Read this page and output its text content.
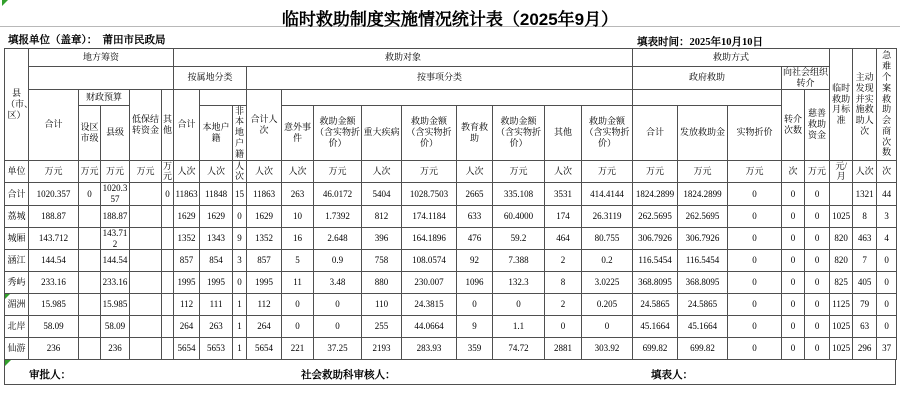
临时救助制度实施情况统计表（2025年9月）
填报单位（盖章）： 莆田市民政局	填表时间：2025年10月10日
县（市、区）	地方筹资					救助对象												救助方式					临时救助月标准	主动发现并实施救助人次	急难个案救助会商次数
						按属地分类			按事项分类									政府救助			向社会组织转介				
	合计	财政预算		低保结转资金	其他	合计			合计人次												转介次数	慈善救助资金			
		设区市级	县级				本地户籍	非本地户籍		意外事件	救助金额（含实物折价）	重大疾病	救助金额（含实物折价）	教育救助	救助金额（含实物折价）	其他	救助金额（含实物折价）	合计	发放救助金	实物折价					
单位	万元	万元	万元	万元	万元	人次	人次	人次	人次	人次	万元	人次	万元	人次	万元	人次	万元	万元	万元	万元	次	万元	元/月	人次	次
合计	1020.357	0	1020.357		0	11863	11848	15	11863	263	46.0172	5404	1028.7503	2665	335.108	3531	414.4144	1824.2899	1824.2899	0	0	0		1321	44
荔城	188.87		188.87			1629	1629	0	1629	10	1.7392	812	174.1184	633	60.4000	174	26.3119	262.5695	262.5695	0	0	0	1025	8	3
城厢	143.712		143.712			1352	1343	9	1352	16	2.648	396	164.1896	476	59.2	464	80.755	306.7926	306.7926	0	0	0	820	463	4
涵江	144.54		144.54			857	854	3	857	5	0.9	758	108.0574	92	7.388	2	0.2	116.5454	116.5454	0	0	0	820	7	0
秀屿	233.16		233.16			1995	1995	0	1995	11	3.48	880	230.007	1096	132.3	8	3.0225	368.8095	368.8095	0	0	0	825	405	0
湄洲	15.985		15.985			112	111	1	112	0	0	110	24.3815	0	0	2	0.205	24.5865	24.5865	0	0	0	1125	79	0
北岸	58.09		58.09			264	263	1	264	0	0	255	44.0664	9	1.1	0	0	45.1664	45.1664	0	0	0	1025	63	0
仙游	236		236			5654	5653	1	5654	221	37.25	2193	283.93	359	74.72	2881	303.92	699.82	699.82	0	0	0	1025	296	37
审批人：	社会救助科审核人：	填表人：
